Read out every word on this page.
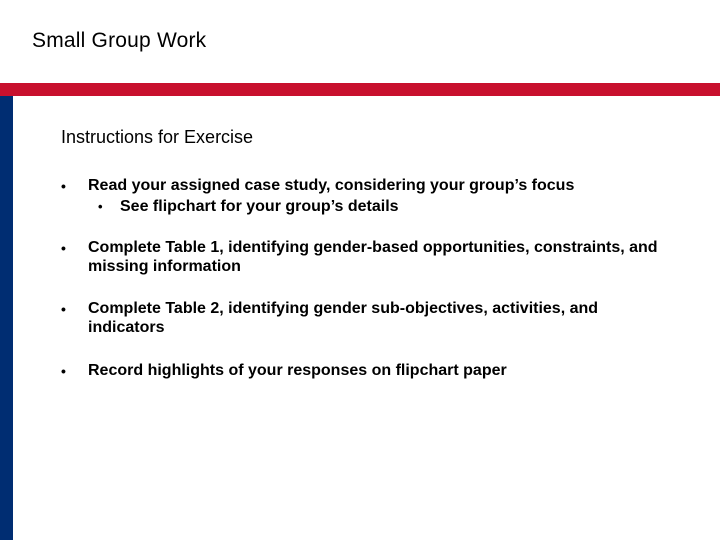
Small Group Work
Instructions for Exercise
• Read your assigned case study, considering your group’s focus
• See flipchart for your group’s details
• Complete Table 1, identifying gender-based opportunities, constraints, and missing information
• Complete Table 2, identifying gender sub-objectives, activities, and indicators
• Record highlights of your responses on flipchart paper
